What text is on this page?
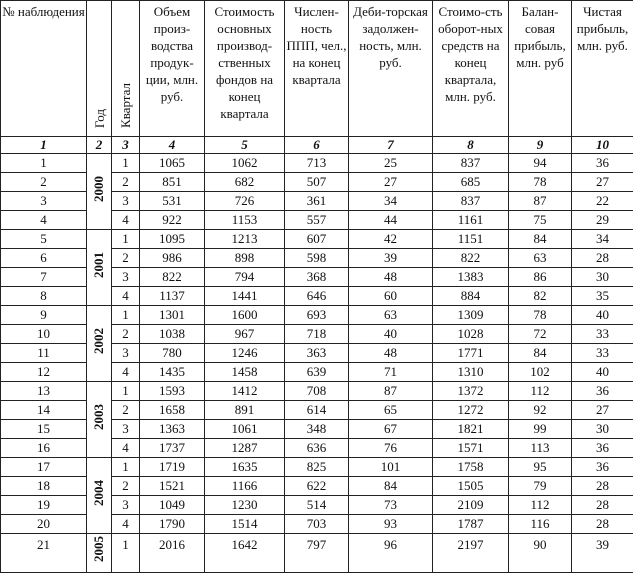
№ наблюдения	Год	Квартал	Объем произ-водства продук-ции, млн. руб.	Стоимость основных производ-ственных фондов на конец квартала	Числен-ность ППП, чел., на конец квартала	Деби-торская задолжен-ность, млн. руб.	Стоимо-сть оборот-ных средств на конец квартала, млн. руб.	Балан-совая прибыль, млн. руб	Чистая прибыль, млн. руб.
1	2	3	4	5	6	7	8	9	10
1	2000	1	1065	1062	713	25	837	94	36
2		2	851	682	507	27	685	78	27
3		3	531	726	361	34	837	87	22
4		4	922	1153	557	44	1161	75	29
5	2001	1	1095	1213	607	42	1151	84	34
6		2	986	898	598	39	822	63	28
7		3	822	794	368	48	1383	86	30
8		4	1137	1441	646	60	884	82	35
9	2002	1	1301	1600	693	63	1309	78	40
10		2	1038	967	718	40	1028	72	33
11		3	780	1246	363	48	1771	84	33
12		4	1435	1458	639	71	1310	102	40
13	2003	1	1593	1412	708	87	1372	112	36
14		2	1658	891	614	65	1272	92	27
15		3	1363	1061	348	67	1821	99	30
16		4	1737	1287	636	76	1571	113	36
17	2004	1	1719	1635	825	101	1758	95	36
18		2	1521	1166	622	84	1505	79	28
19		3	1049	1230	514	73	2109	112	28
20		4	1790	1514	703	93	1787	116	28
21	2005	1	2016	1642	797	96	2197	90	39
